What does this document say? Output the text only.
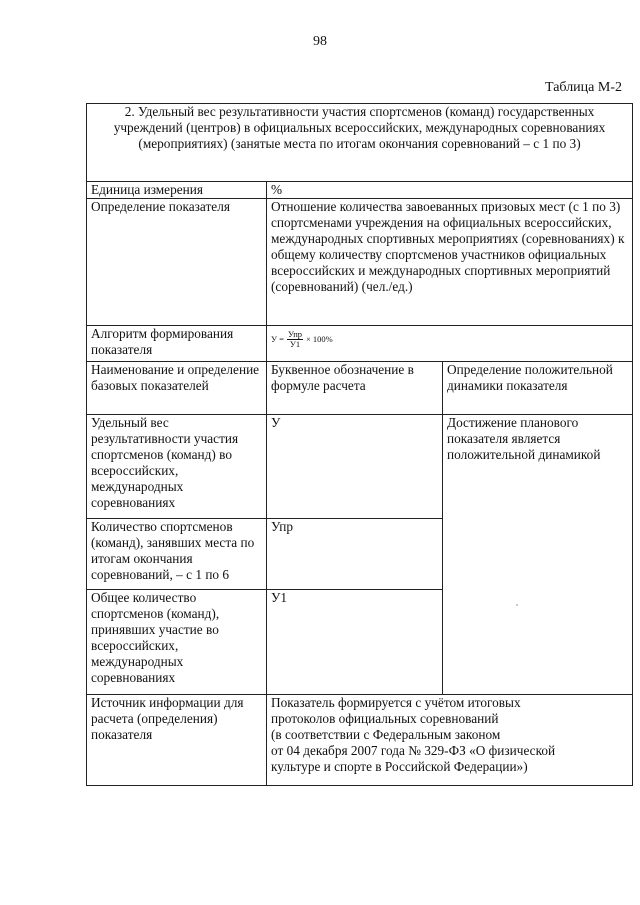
98
Таблица М-2
2. Удельный вес результативности участия спортсменов (команд) государственных учреждений (центров) в официальных всероссийских, международных соревнованиях (мероприятиях) (занятые места по итогам окончания соревнований – с 1 по 3)		
Единица измерения	%	
Определение показателя	Отношение количества завоеванных призовых мест (с 1 по 3) спортсменами учреждения на официальных всероссийских, международных спортивных мероприятиях (соревнованиях) к общему количеству спортсменов участников официальных всероссийских и международных спортивных мероприятий (соревнований) (чел./ед.)	
Алгоритм формирования показателя	$У = \frac{\text{Упр}}{У1} \times 100\%$	

Наименование и определение базовых показателей	Буквенное обозначение в формуле расчета	Определение положительной динамики показателя
Удельный вес результативности участия спортсменов (команд) во всероссийских, международных соревнованиях	У	Достижение планового показателя является положительной динамикой
Количество спортсменов (команд), занявших места по итогам окончания соревнований, – с 1 по 6	Упр	
Общее количество спортсменов (команд), принявших участие во всероссийских, международных соревнованиях	У1	
Источник информации для расчета (определения) показателя	Показатель формируется с учётом итоговых
протоколов официальных соревнований
(в соответствии с Федеральным законом
от 04 декабря 2007 года № 329-ФЗ «О физической
культуре и спорте в Российской Федерации»)	
